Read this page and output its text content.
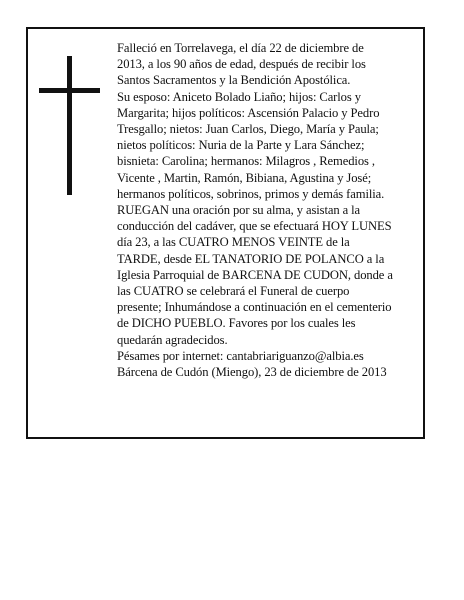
Falleció en Torrelavega, el día 22 de diciembre de
2013, a los 90 años de edad, después de recibir los
Santos Sacramentos y la Bendición Apostólica.

Su esposo: Aniceto Bolado Liaño; hijos: Carlos y
Margarita; hijos políticos: Ascensión Palacio y Pedro
Tresgallo; nietos: Juan Carlos, Diego, María y Paula;
nietos políticos: Nuria de la Parte y Lara Sánchez;
bisnieta: Carolina; hermanos: Milagros , Remedios ,
Vicente , Martin, Ramón, Bibiana, Agustina y José;
hermanos políticos, sobrinos, primos y demás familia.

RUEGAN una oración por su alma, y asistan a la
conducción del cadáver, que se efectuará HOY LUNES
día 23, a las CUATRO MENOS VEINTE de la
TARDE, desde EL TANATORIO DE POLANCO a la
Iglesia Parroquial de BARCENA DE CUDON, donde a
las CUATRO se celebrará el Funeral de cuerpo
presente; Inhumándose a continuación en el cementerio
de DICHO PUEBLO. Favores por los cuales les
quedarán agradecidos.

Pésames por internet: cantabriariguanzo@albia.es

Bárcena de Cudón (Miengo), 23 de diciembre de 2013
